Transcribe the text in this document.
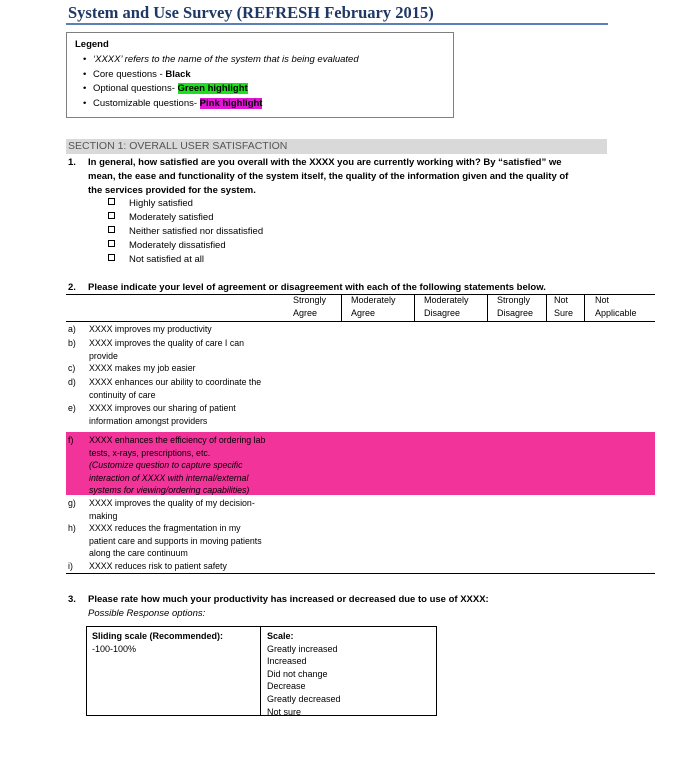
System and Use Survey (REFRESH February 2015)
Legend
• ‘XXXX’ refers to the name of the system that is being evaluated
• Core questions - Black
• Optional questions- Green highlight
• Customizable questions- Pink highlight
SECTION 1: OVERALL USER SATISFACTION
1. In general, how satisfied are you overall with the XXXX you are currently working with? By “satisfied” we
mean, the ease and functionality of the system itself, the quality of the information given and the quality of
the services provided for the system.
Highly satisfied
Moderately satisfied
Neither satisfied nor dissatisfied
Moderately dissatisfied
Not satisfied at all
2. Please indicate your level of agreement or disagreement with each of the following statements below.
Strongly
Agree
Moderately
Agree
Moderately
Disagree
Strongly
Disagree
Not
Sure
Not
Applicable
a) XXXX improves my productivity
b) XXXX improves the quality of care I can
provide
c) XXXX makes my job easier
d) XXXX enhances our ability to coordinate the
continuity of care
e) XXXX improves our sharing of patient
information amongst providers
f) XXXX enhances the efficiency of ordering lab
tests, x-rays, prescriptions, etc.
(Customize question to capture specific
interaction of XXXX with internal/external
systems for viewing/ordering capabilities)
g) XXXX improves the quality of my decision-
making
h) XXXX reduces the fragmentation in my
patient care and supports in moving patients
along the care continuum
i) XXXX reduces risk to patient safety
3. Please rate how much your productivity has increased or decreased due to use of XXXX:
Possible Response options:
Sliding scale (Recommended):
-100-100%
Scale:
Greatly increased
Increased
Did not change
Decrease
Greatly decreased
Not sure
